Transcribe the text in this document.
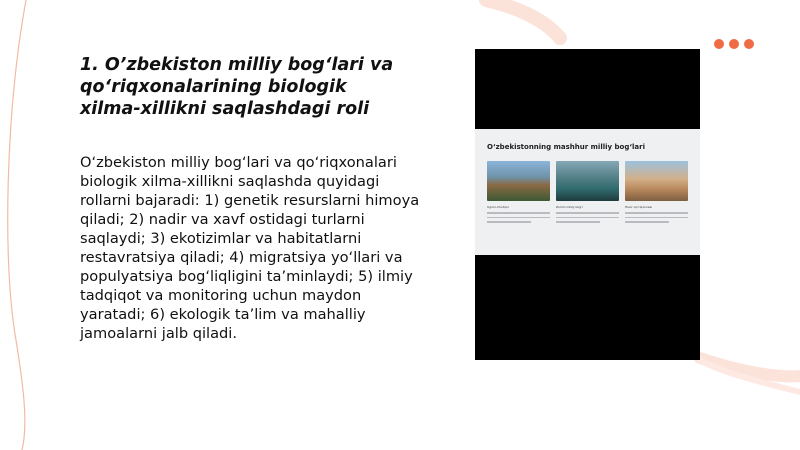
1. O’zbekiston milliy bog‘lari va qo‘riqxonalarining biologik xilma-xillikni saqlashdagi roli

O‘zbekiston milliy bog‘lari va qo‘riqxonalari biologik xilma-xillikni saqlashda quyidagi rollarni bajaradi: 1) genetik resurslarni himoya qiladi; 2) nadir va xavf ostidagi turlarni saqlaydi; 3) ekotizimlar va habitatlarni restavratsiya qiladi; 4) migratsiya yo‘llari va populyatsiya bog‘liqligini ta’minlaydi; 5) ilmiy tadqiqot va monitoring uchun maydon yaratadi; 6) ekologik ta’lim va mahalliy jamoalarni jalb qiladi.

O‘zbekistonning mashhur milliy bog‘lari
Ugom-Chotqol	Zomin milliy bog‘i	Hisor qo‘riqxonasi
